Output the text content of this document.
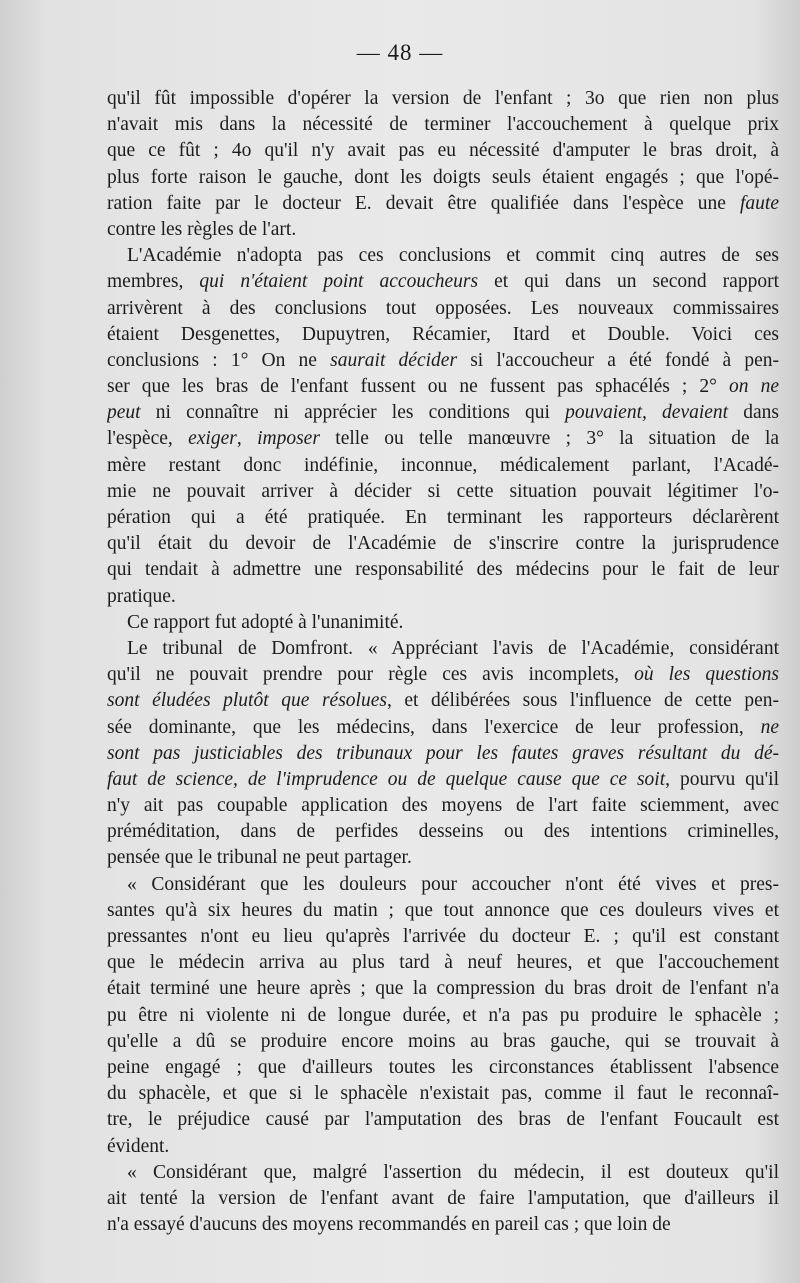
— 48 —
qu'il fût impossible d'opérer la version de l'enfant ; 3o que rien non plus
n'avait mis dans la nécessité de terminer l'accouchement à quelque prix
que ce fût ; 4o qu'il n'y avait pas eu nécessité d'amputer le bras droit, à
plus forte raison le gauche, dont les doigts seuls étaient engagés ; que l'opé-
ration faite par le docteur E. devait être qualifiée dans l'espèce une faute
contre les règles de l'art.
L'Académie n'adopta pas ces conclusions et commit cinq autres de ses
membres, qui n'étaient point accoucheurs et qui dans un second rapport
arrivèrent à des conclusions tout opposées. Les nouveaux commissaires
étaient Desgenettes, Dupuytren, Récamier, Itard et Double. Voici ces
conclusions : 1° On ne saurait décider si l'accoucheur a été fondé à pen-
ser que les bras de l'enfant fussent ou ne fussent pas sphacélés ; 2° on ne
peut ni connaître ni apprécier les conditions qui pouvaient, devaient dans
l'espèce, exiger, imposer telle ou telle manœuvre ; 3° la situation de la
mère restant donc indéfinie, inconnue, médicalement parlant, l'Acadé-
mie ne pouvait arriver à décider si cette situation pouvait légitimer l'o-
pération qui a été pratiquée. En terminant les rapporteurs déclarèrent
qu'il était du devoir de l'Académie de s'inscrire contre la jurisprudence
qui tendait à admettre une responsabilité des médecins pour le fait de leur
pratique.
Ce rapport fut adopté à l'unanimité.
Le tribunal de Domfront. « Appréciant l'avis de l'Académie, considérant
qu'il ne pouvait prendre pour règle ces avis incomplets, où les questions
sont éludées plutôt que résolues, et délibérées sous l'influence de cette pen-
sée dominante, que les médecins, dans l'exercice de leur profession, ne
sont pas justiciables des tribunaux pour les fautes graves résultant du dé-
faut de science, de l'imprudence ou de quelque cause que ce soit, pourvu qu'il
n'y ait pas coupable application des moyens de l'art faite sciemment, avec
préméditation, dans de perfides desseins ou des intentions criminelles,
pensée que le tribunal ne peut partager.
« Considérant que les douleurs pour accoucher n'ont été vives et pres-
santes qu'à six heures du matin ; que tout annonce que ces douleurs vives et
pressantes n'ont eu lieu qu'après l'arrivée du docteur E. ; qu'il est constant
que le médecin arriva au plus tard à neuf heures, et que l'accouchement
était terminé une heure après ; que la compression du bras droit de l'enfant n'a
pu être ni violente ni de longue durée, et n'a pas pu produire le sphacèle ;
qu'elle a dû se produire encore moins au bras gauche, qui se trouvait à
peine engagé ; que d'ailleurs toutes les circonstances établissent l'absence
du sphacèle, et que si le sphacèle n'existait pas, comme il faut le reconnaî-
tre, le préjudice causé par l'amputation des bras de l'enfant Foucault est
évident.
« Considérant que, malgré l'assertion du médecin, il est douteux qu'il
ait tenté la version de l'enfant avant de faire l'amputation, que d'ailleurs il
n'a essayé d'aucuns des moyens recommandés en pareil cas ; que loin de
